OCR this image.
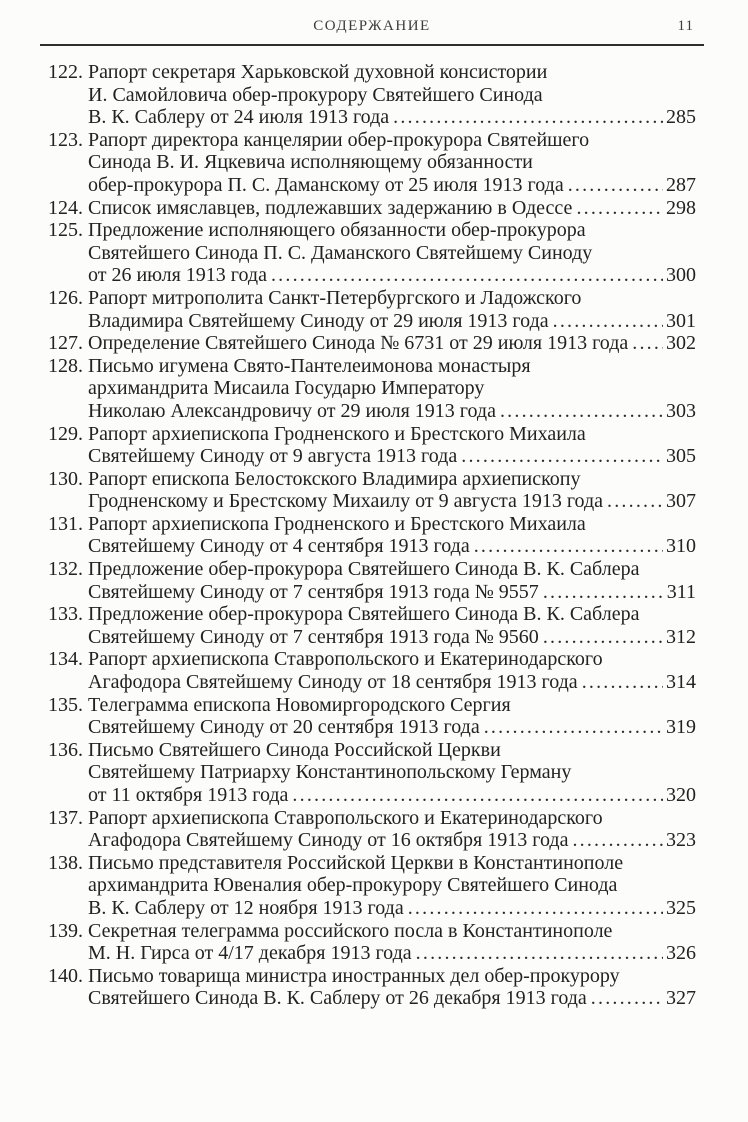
СОДЕРЖАНИЕ	11
122. Рапорт секретаря Харьковской духовной консистории
И. Самойловича обер-прокурору Святейшего Синода
В. К. Саблеру от 24 июля 1913 года .....	285
123. Рапорт директора канцелярии обер-прокурора Святейшего
Синода В. И. Яцкевича исполняющему обязанности
обер-прокурора П. С. Даманскому от 25 июля 1913 года .....	287
124. Список имяславцев, подлежавших задержанию в Одессе .....	298
125. Предложение исполняющего обязанности обер-прокурора
Святейшего Синода П. С. Даманского Святейшему Синоду
от 26 июля 1913 года .....	300
126. Рапорт митрополита Санкт-Петербургского и Ладожского
Владимира Святейшему Синоду от 29 июля 1913 года .....	301
127. Определение Святейшего Синода № 6731 от 29 июля 1913 года ..... 302
128. Письмо игумена Свято-Пантелеимонова монастыря
архимандрита Мисаила Государю Императору
Николаю Александровичу от 29 июля 1913 года .....	303
129. Рапорт архиепископа Гродненского и Брестского Михаила
Святейшему Синоду от 9 августа 1913 года .....	305
130. Рапорт епископа Белостокского Владимира архиепископу
Гродненскому и Брестскому Михаилу от 9 августа 1913 года .....	307
131. Рапорт архиепископа Гродненского и Брестского Михаила
Святейшему Синоду от 4 сентября 1913 года .....	310
132. Предложение обер-прокурора Святейшего Синода В. К. Саблера
Святейшему Синоду от 7 сентября 1913 года № 9557 .....	311
133. Предложение обер-прокурора Святейшего Синода В. К. Саблера
Святейшему Синоду от 7 сентября 1913 года № 9560 .....	312
134. Рапорт архиепископа Ставропольского и Екатеринодарского
Агафодора Святейшему Синоду от 18 сентября 1913 года .....	314
135. Телеграмма епископа Новомиргородского Сергия
Святейшему Синоду от 20 сентября 1913 года .....	319
136. Письмо Святейшего Синода Российской Церкви
Святейшему Патриарху Константинопольскому Герману
от 11 октября 1913 года .....	320
137. Рапорт архиепископа Ставропольского и Екатеринодарского
Агафодора Святейшему Синоду от 16 октября 1913 года .....	323
138. Письмо представителя Российской Церкви в Константинополе
архимандрита Ювеналия обер-прокурору Святейшего Синода
В. К. Саблеру от 12 ноября 1913 года .....	325
139. Секретная телеграмма российского посла в Константинополе
М. Н. Гирса от 4/17 декабря 1913 года .....	326
140. Письмо товарища министра иностранных дел обер-прокурору
Святейшего Синода В. К. Саблеру от 26 декабря 1913 года .....	327
